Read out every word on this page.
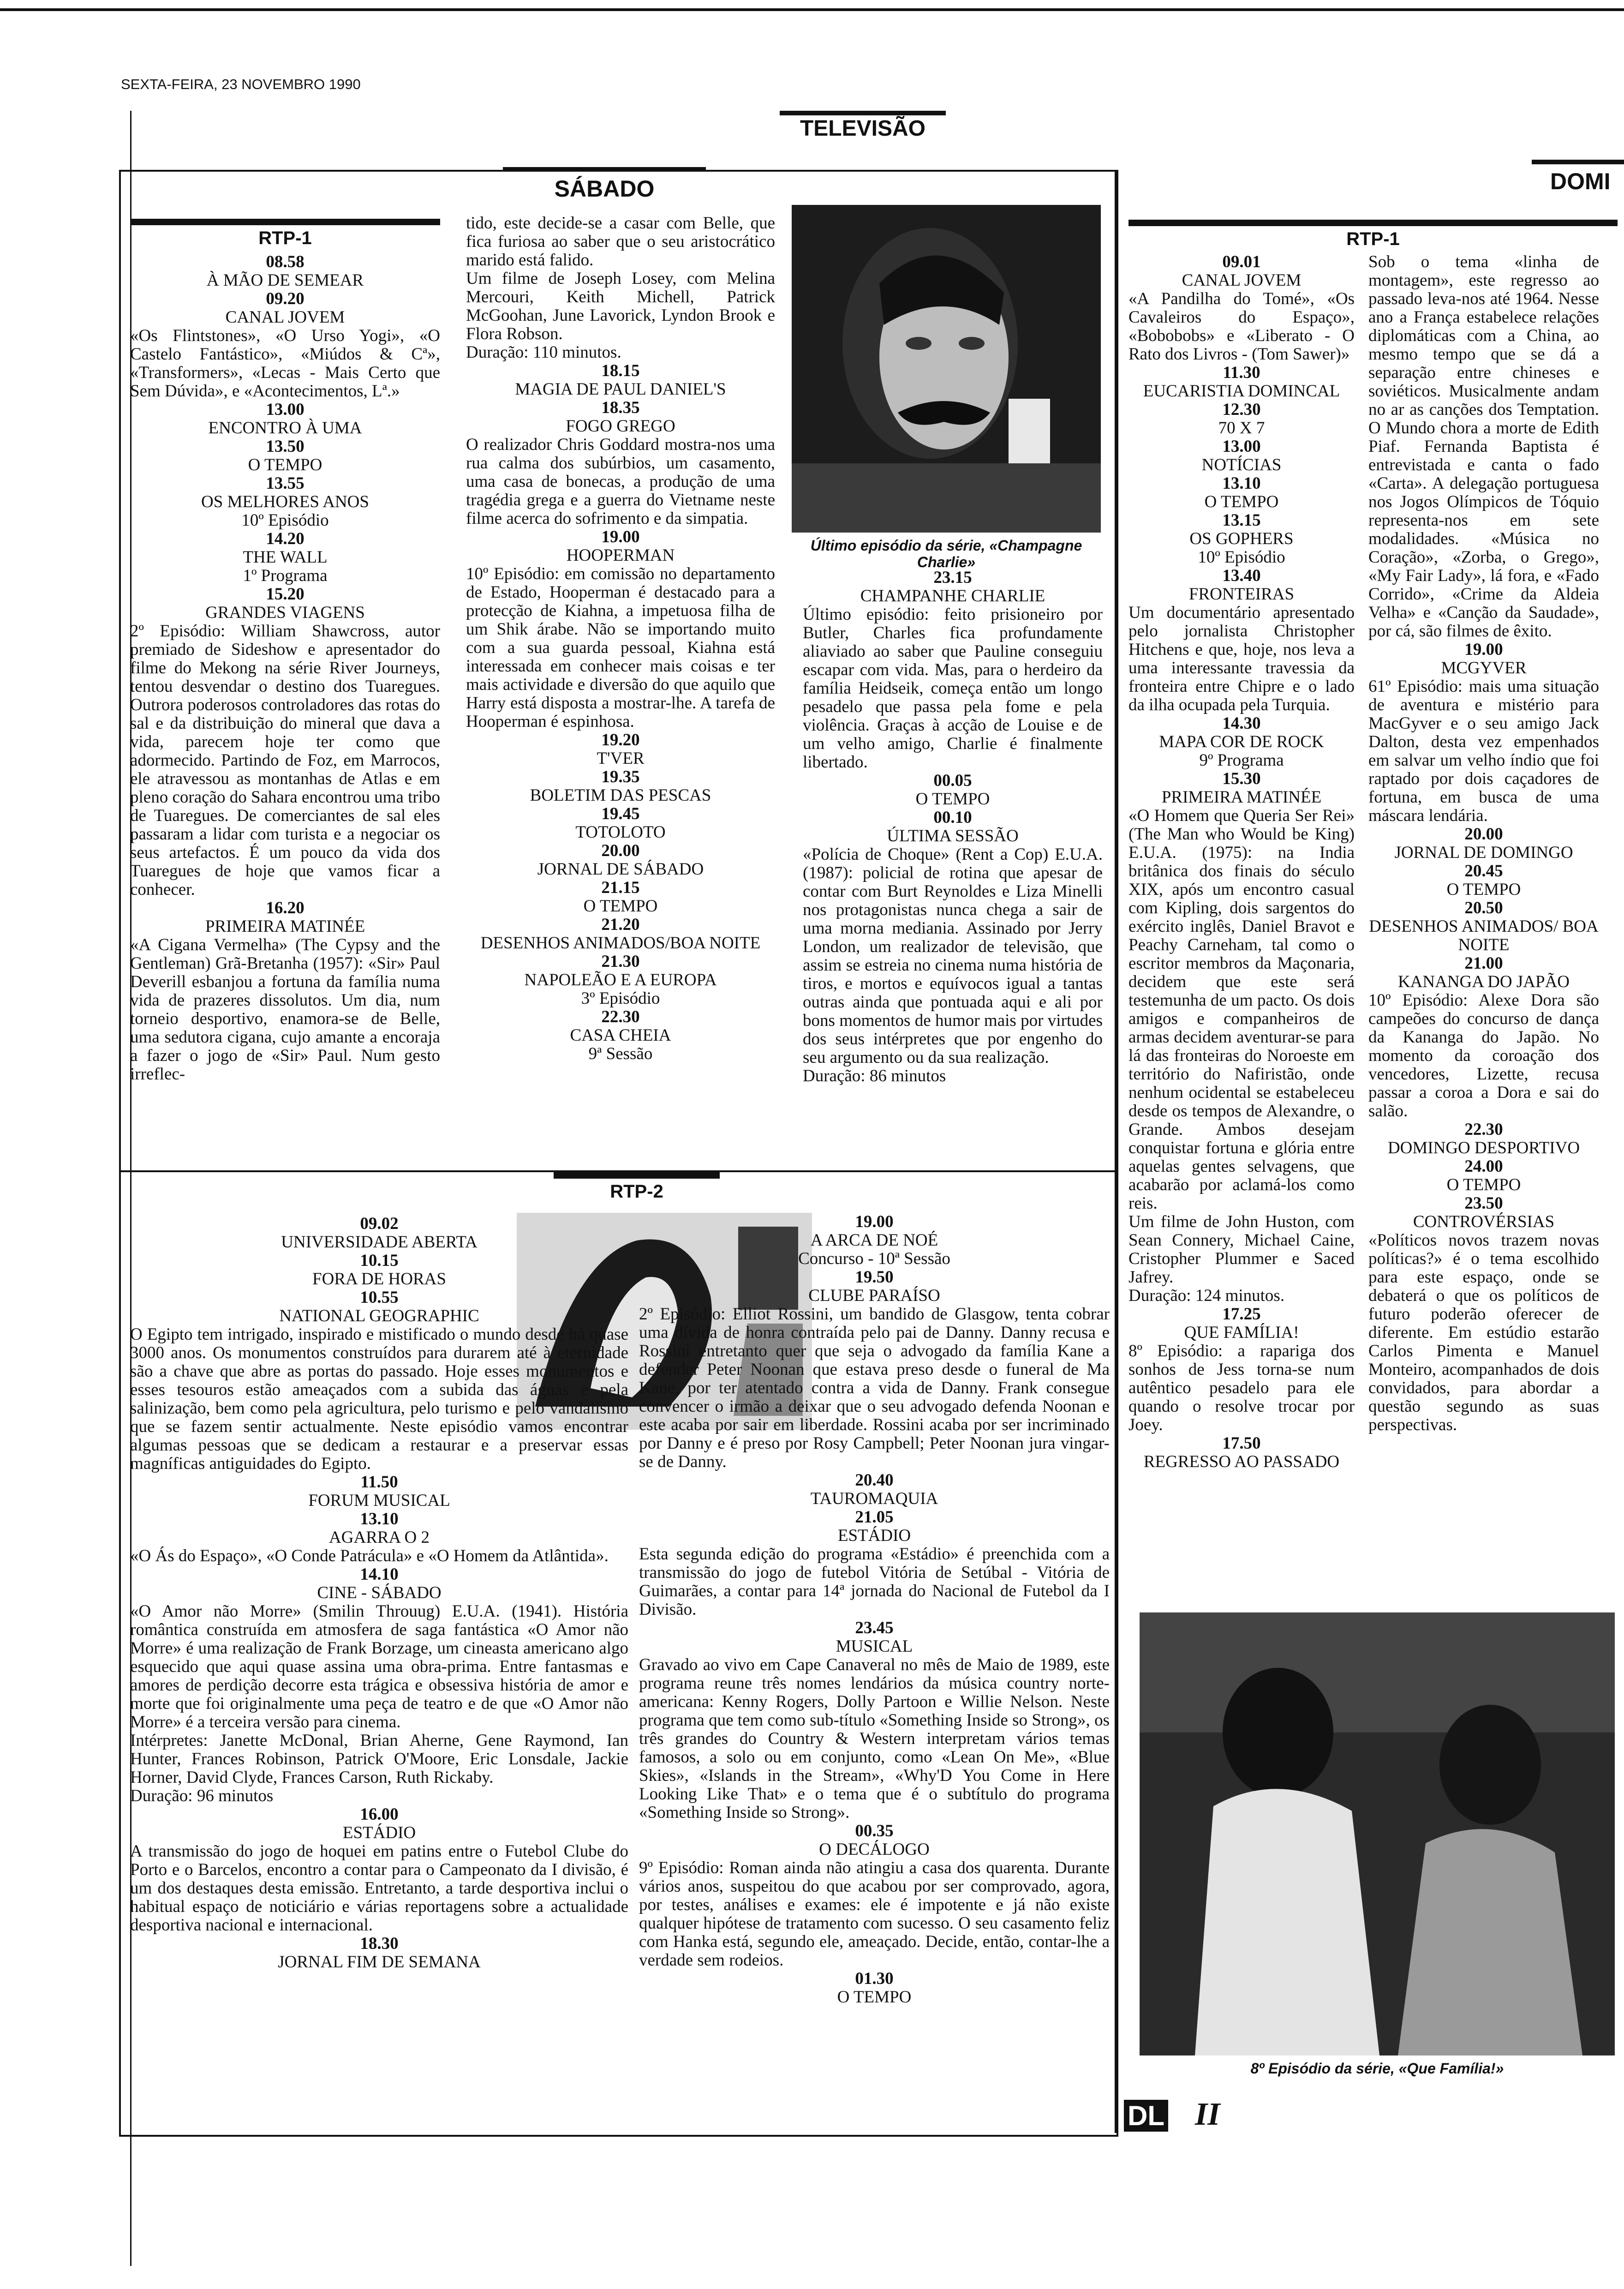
SEXTA-FEIRA, 23 NOVEMBRO 1990
TELEVISÃO
SÁBADO	DOMI
RTP-1
08.58
À MÃO DE SEMEAR
09.20
CANAL JOVEM

«Os Flintstones», «O Urso Yogi», «O Castelo Fantástico», «Miúdos & Cª», «Transformers», «Lecas - Mais Certo que Sem Dúvida», e «Acontecimentos, Lª.»

13.00
ENCONTRO À UMA
13.50
O TEMPO
13.55
OS MELHORES ANOS
10º Episódio
14.20
THE WALL
1º Programa
15.20
GRANDES VIAGENS

2º Episódio: William Shawcross, autor premiado de Sideshow e apresentador do filme do Mekong na série River Journeys, tentou desvendar o destino dos Tuaregues. Outrora poderosos controladores das rotas do sal e da distribuição do mineral que dava a vida, parecem hoje ter como que adormecido. Partindo de Foz, em Marrocos, ele atravessou as montanhas de Atlas e em pleno coração do Sahara encontrou uma tribo de Tuaregues. De comerciantes de sal eles passaram a lidar com turista e a negociar os seus artefactos. É um pouco da vida dos Tuaregues de hoje que vamos ficar a conhecer.

16.20
PRIMEIRA MATINÉE

«A Cigana Vermelha» (The Cypsy and the Gentleman) Grã-Bretanha (1957): «Sir» Paul Deverill esbanjou a fortuna da família numa vida de prazeres dissolutos. Um dia, num torneio desportivo, enamora-se de Belle, uma sedutora cigana, cujo amante a encoraja a fazer o jogo de «Sir» Paul. Num gesto irreflec-

tido, este decide-se a casar com Belle, que fica furiosa ao saber que o seu aristocrático marido está falido.

Um filme de Joseph Losey, com Melina Mercouri, Keith Michell, Patrick McGoohan, June Lavorick, Lyndon Brook e Flora Robson.

Duração: 110 minutos.

18.15
MAGIA DE PAUL DANIEL'S
18.35
FOGO GREGO

O realizador Chris Goddard mostra-nos uma rua calma dos subúrbios, um casamento, uma casa de bonecas, a produção de uma tragédia grega e a guerra do Vietname neste filme acerca do sofrimento e da simpatia.

19.00
HOOPERMAN

10º Episódio: em comissão no departamento de Estado, Hooperman é destacado para a protecção de Kiahna, a impetuosa filha de um Shik árabe. Não se importando muito com a sua guarda pessoal, Kiahna está interessada em conhecer mais coisas e ter mais actividade e diversão do que aquilo que Harry está disposta a mostrar-lhe. A tarefa de Hooperman é espinhosa.

19.20
T'VER
19.35
BOLETIM DAS PESCAS
19.45
TOTOLOTO
20.00
JORNAL DE SÁBADO
21.15
O TEMPO
21.20
DESENHOS ANIMADOS/BOA NOITE
21.30
NAPOLEÃO E A EUROPA
3º Episódio
22.30
CASA CHEIA
9ª Sessão
Último episódio da série, «Champagne Charlie»
23.15
CHAMPANHE CHARLIE

Último episódio: feito prisioneiro por Butler, Charles fica profundamente aliaviado ao saber que Pauline conseguiu escapar com vida. Mas, para o herdeiro da família Heidseik, começa então um longo pesadelo que passa pela fome e pela violência. Graças à acção de Louise e de um velho amigo, Charlie é finalmente libertado.

00.05
O TEMPO
00.10
ÚLTIMA SESSÃO

«Polícia de Choque» (Rent a Cop) E.U.A. (1987): policial de rotina que apesar de contar com Burt Reynoldes e Liza Minelli nos protagonistas nunca chega a sair de uma morna mediania. Assinado por Jerry London, um realizador de televisão, que assim se estreia no cinema numa história de tiros, e mortos e equívocos igual a tantas outras ainda que pontuada aqui e ali por bons momentos de humor mais por virtudes dos seus intérpretes que por engenho do seu argumento ou da sua realização.

Duração: 86 minutos

RTP-2
09.02
UNIVERSIDADE ABERTA
10.15
FORA DE HORAS
10.55
NATIONAL GEOGRAPHIC

O Egipto tem intrigado, inspirado e mistificado o mundo desde há quase 3000 anos. Os monumentos construídos para durarem até à eternidade são a chave que abre as portas do passado. Hoje esses monumentos e esses tesouros estão ameaçados com a subida das águas e pela salinização, bem como pela agricultura, pelo turismo e pelo vandalismo que se fazem sentir actualmente. Neste episódio vamos encontrar algumas pessoas que se dedicam a restaurar e a preservar essas magníficas antiguidades do Egipto.

11.50
FORUM MUSICAL
13.10
AGARRA O 2

«O Ás do Espaço», «O Conde Patrácula» e «O Homem da Atlântida».

14.10
CINE - SÁBADO

«O Amor não Morre» (Smilin Throuug) E.U.A. (1941). História romântica construída em atmosfera de saga fantástica «O Amor não Morre» é uma realização de Frank Borzage, um cineasta americano algo esquecido que aqui quase assina uma obra-prima. Entre fantasmas e amores de perdição decorre esta trágica e obsessiva história de amor e morte que foi originalmente uma peça de teatro e de que «O Amor não Morre» é a terceira versão para cinema.

Intérpretes: Janette McDonal, Brian Aherne, Gene Raymond, Ian Hunter, Frances Robinson, Patrick O'Moore, Eric Lonsdale, Jackie Horner, David Clyde, Frances Carson, Ruth Rickaby.

Duração: 96 minutos

16.00
ESTÁDIO

A transmissão do jogo de hoquei em patins entre o Futebol Clube do Porto e o Barcelos, encontro a contar para o Campeonato da I divisão, é um dos destaques desta emissão. Entretanto, a tarde desportiva inclui o habitual espaço de noticiário e várias reportagens sobre a actualidade desportiva nacional e internacional.

18.30
JORNAL FIM DE SEMANA
19.00
A ARCA DE NOÉ
Concurso - 10ª Sessão
19.50
CLUBE PARAÍSO

2º Episódio: Elliot Rossini, um bandido de Glasgow, tenta cobrar uma dívida de honra contraída pelo pai de Danny. Danny recusa e Rossini entretanto quer que seja o advogado da família Kane a defender Peter Noonan que estava preso desde o funeral de Ma Kane, por ter atentado contra a vida de Danny. Frank consegue convencer o irmão a deixar que o seu advogado defenda Noonan e este acaba por sair em liberdade. Rossini acaba por ser incriminado por Danny e é preso por Rosy Campbell; Peter Noonan jura vingar-se de Danny.

20.40
TAUROMAQUIA
21.05
ESTÁDIO

Esta segunda edição do programa «Estádio» é preenchida com a transmissão do jogo de futebol Vitória de Setúbal - Vitória de Guimarães, a contar para 14ª jornada do Nacional de Futebol da I Divisão.

23.45
MUSICAL

Gravado ao vivo em Cape Canaveral no mês de Maio de 1989, este programa reune três nomes lendários da música country norte-americana: Kenny Rogers, Dolly Partoon e Willie Nelson. Neste programa que tem como sub-título «Something Inside so Strong», os três grandes do Country & Western interpretam vários temas famosos, a solo ou em conjunto, como «Lean On Me», «Blue Skies», «Islands in the Stream», «Why'D You Come in Here Looking Like That» e o tema que é o subtítulo do programa «Something Inside so Strong».

00.35
O DECÁLOGO

9º Episódio: Roman ainda não atingiu a casa dos quarenta. Durante vários anos, suspeitou do que acabou por ser comprovado, agora, por testes, análises e exames: ele é impotente e já não existe qualquer hipótese de tratamento com sucesso. O seu casamento feliz com Hanka está, segundo ele, ameaçado. Decide, então, contar-lhe a verdade sem rodeios.

01.30
O TEMPO
RTP-1
09.01
CANAL JOVEM

«A Pandilha do Tomé», «Os Cavaleiros do Espaço», «Bobobobs» e «Liberato - O Rato dos Livros - (Tom Sawer)»

11.30
EUCARISTIA DOMINCAL
12.30
70 X 7
13.00
NOTÍCIAS
13.10
O TEMPO
13.15
OS GOPHERS
10º Episódio
13.40
FRONTEIRAS

Um documentário apresentado pelo jornalista Christopher Hitchens e que, hoje, nos leva a uma interessante travessia da fronteira entre Chipre e o lado da ilha ocupada pela Turquia.

14.30
MAPA COR DE ROCK
9º Programa
15.30
PRIMEIRA MATINÉE

«O Homem que Queria Ser Rei» (The Man who Would be King) E.U.A. (1975): na India britânica dos finais do século XIX, após um encontro casual com Kipling, dois sargentos do exército inglês, Daniel Bravot e Peachy Carneham, tal como o escritor membros da Maçonaria, decidem que este será testemunha de um pacto. Os dois amigos e companheiros de armas decidem aventurar-se para lá das fronteiras do Noroeste em território do Nafiristão, onde nenhum ocidental se estabeleceu desde os tempos de Alexandre, o Grande. Ambos desejam conquistar fortuna e glória entre aquelas gentes selvagens, que acabarão por aclamá-los como reis.

Um filme de John Huston, com Sean Connery, Michael Caine, Cristopher Plummer e Saced Jafrey.

Duração: 124 minutos.

17.25
QUE FAMÍLIA!

8º Episódio: a rapariga dos sonhos de Jess torna-se num autêntico pesadelo para ele quando o resolve trocar por Joey.

17.50
REGRESSO AO PASSADO

Sob o tema «linha de montagem», este regresso ao passado leva-nos até 1964. Nesse ano a França estabelece relações diplomáticas com a China, ao mesmo tempo que se dá a separação entre chineses e soviéticos. Musicalmente andam no ar as canções dos Temptation. O Mundo chora a morte de Edith Piaf. Fernanda Baptista é entrevistada e canta o fado «Carta». A delegação portuguesa nos Jogos Olímpicos de Tóquio representa-nos em sete modalidades. «Música no Coração», «Zorba, o Grego», «My Fair Lady», lá fora, e «Fado Corrido», «Crime da Aldeia Velha» e «Canção da Saudade», por cá, são filmes de êxito.

19.00
MCGYVER

61º Episódio: mais uma situação de aventura e mistério para MacGyver e o seu amigo Jack Dalton, desta vez empenhados em salvar um velho índio que foi raptado por dois caçadores de fortuna, em busca de uma máscara lendária.

20.00
JORNAL DE DOMINGO
20.45
O TEMPO
20.50
DESENHOS ANIMADOS/ BOA NOITE
21.00
KANANGA DO JAPÃO

10º Episódio: Alexe Dora são campeões do concurso de dança da Kananga do Japão. No momento da coroação dos vencedores, Lizette, recusa passar a coroa a Dora e sai do salão.

22.30
DOMINGO DESPORTIVO
24.00
O TEMPO
23.50
CONTROVÉRSIAS

«Políticos novos trazem novas políticas?» é o tema escolhido para este espaço, onde se debaterá o que os políticos de futuro poderão oferecer de diferente. Em estúdio estarão Carlos Pimenta e Manuel Monteiro, acompanhados de dois convidados, para abordar a questão segundo as suas perspectivas.

8º Episódio da série, «Que Família!»
DL II
